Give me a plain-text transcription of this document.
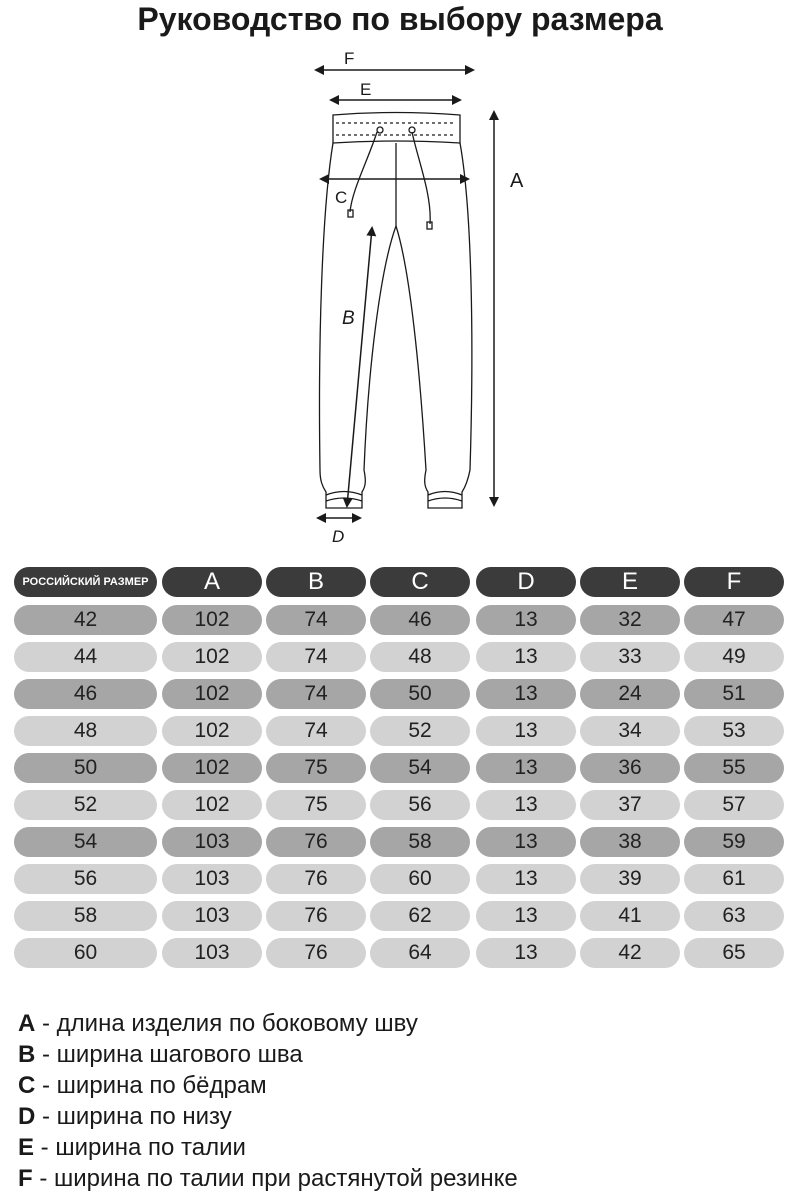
Руководство по выбору размера
F
E
C
A
B
D
РОССИЙСКИЙ РАЗМЕР	A	B	C	D	E	F
42	102	74	46	13	32	47
44	102	74	48	13	33	49
46	102	74	50	13	24	51
48	102	74	52	13	34	53
50	102	75	54	13	36	55
52	102	75	56	13	37	57
54	103	76	58	13	38	59
56	103	76	60	13	39	61
58	103	76	62	13	41	63
60	103	76	64	13	42	65
A - длина изделия по боковому шву
B - ширина шагового шва
C - ширина по бёдрам
D - ширина по низу
E - ширина по талии
F - ширина по талии при растянутой резинке
